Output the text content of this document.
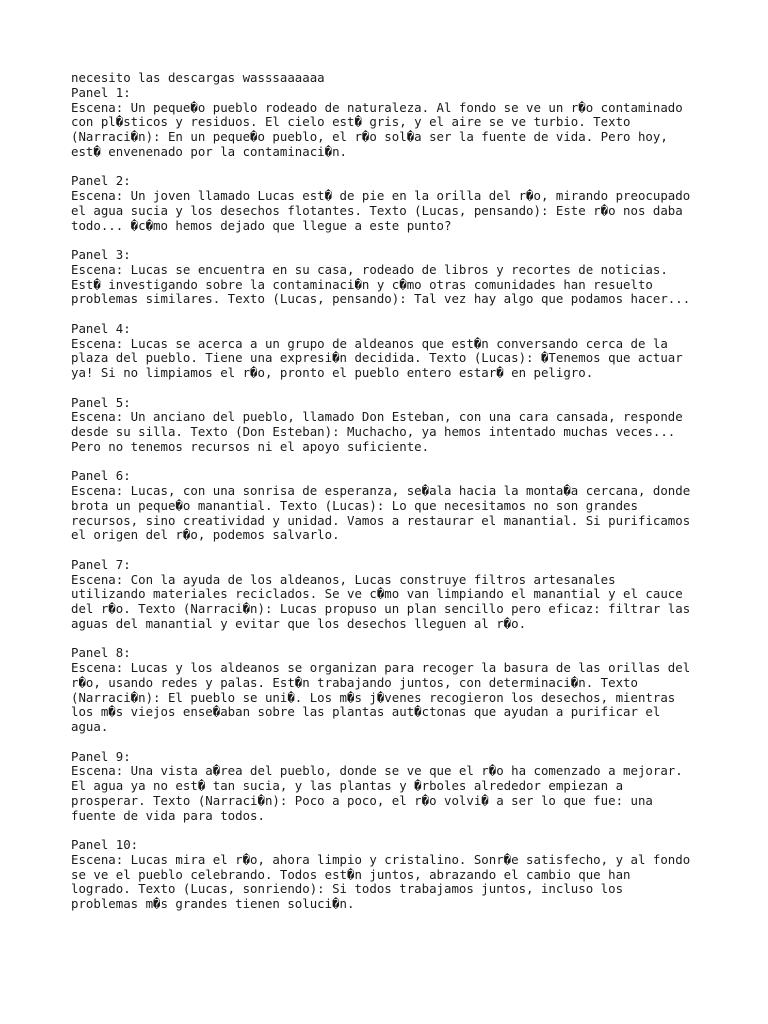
necesito las descargas wasssaaaaaa
Panel 1:
Escena: Un peque�o pueblo rodeado de naturaleza. Al fondo se ve un r�o contaminado
con pl�sticos y residuos. El cielo est� gris, y el aire se ve turbio. Texto
(Narraci�n): En un peque�o pueblo, el r�o sol�a ser la fuente de vida. Pero hoy,
est� envenenado por la contaminaci�n.
Panel 2:
Escena: Un joven llamado Lucas est� de pie en la orilla del r�o, mirando preocupado
el agua sucia y los desechos flotantes. Texto (Lucas, pensando): Este r�o nos daba
todo... �c�mo hemos dejado que llegue a este punto?
Panel 3:
Escena: Lucas se encuentra en su casa, rodeado de libros y recortes de noticias.
Est� investigando sobre la contaminaci�n y c�mo otras comunidades han resuelto
problemas similares. Texto (Lucas, pensando): Tal vez hay algo que podamos hacer...
Panel 4:
Escena: Lucas se acerca a un grupo de aldeanos que est�n conversando cerca de la
plaza del pueblo. Tiene una expresi�n decidida. Texto (Lucas): �Tenemos que actuar
ya! Si no limpiamos el r�o, pronto el pueblo entero estar� en peligro.
Panel 5:
Escena: Un anciano del pueblo, llamado Don Esteban, con una cara cansada, responde
desde su silla. Texto (Don Esteban): Muchacho, ya hemos intentado muchas veces...
Pero no tenemos recursos ni el apoyo suficiente.
Panel 6:
Escena: Lucas, con una sonrisa de esperanza, se�ala hacia la monta�a cercana, donde
brota un peque�o manantial. Texto (Lucas): Lo que necesitamos no son grandes
recursos, sino creatividad y unidad. Vamos a restaurar el manantial. Si purificamos
el origen del r�o, podemos salvarlo.
Panel 7:
Escena: Con la ayuda de los aldeanos, Lucas construye filtros artesanales
utilizando materiales reciclados. Se ve c�mo van limpiando el manantial y el cauce
del r�o. Texto (Narraci�n): Lucas propuso un plan sencillo pero eficaz: filtrar las
aguas del manantial y evitar que los desechos lleguen al r�o.
Panel 8:
Escena: Lucas y los aldeanos se organizan para recoger la basura de las orillas del
r�o, usando redes y palas. Est�n trabajando juntos, con determinaci�n. Texto
(Narraci�n): El pueblo se uni�. Los m�s j�venes recogieron los desechos, mientras
los m�s viejos ense�aban sobre las plantas aut�ctonas que ayudan a purificar el
agua.
Panel 9:
Escena: Una vista a�rea del pueblo, donde se ve que el r�o ha comenzado a mejorar.
El agua ya no est� tan sucia, y las plantas y �rboles alrededor empiezan a
prosperar. Texto (Narraci�n): Poco a poco, el r�o volvi� a ser lo que fue: una
fuente de vida para todos.
Panel 10:
Escena: Lucas mira el r�o, ahora limpio y cristalino. Sonr�e satisfecho, y al fondo
se ve el pueblo celebrando. Todos est�n juntos, abrazando el cambio que han
logrado. Texto (Lucas, sonriendo): Si todos trabajamos juntos, incluso los
problemas m�s grandes tienen soluci�n.
